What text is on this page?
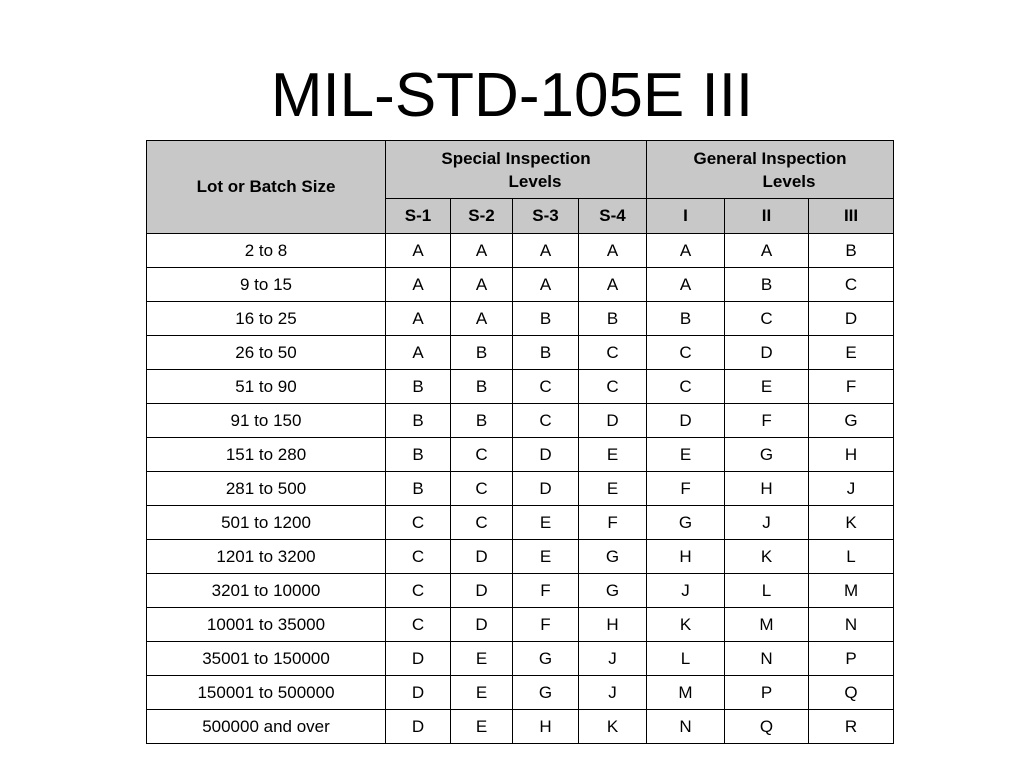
MIL-STD-105E III
Lot or Batch Size	Special Inspection
Levels				General Inspection
Levels		

	S-1	S-2	S-3	S-4	I	II	III
2 to 8	A	A	A	A	A	A	B
9 to 15	A	A	A	A	A	B	C
16 to 25	A	A	B	B	B	C	D
26 to 50	A	B	B	C	C	D	E
51 to 90	B	B	C	C	C	E	F
91 to 150	B	B	C	D	D	F	G
151 to 280	B	C	D	E	E	G	H
281 to 500	B	C	D	E	F	H	J
501 to 1200	C	C	E	F	G	J	K
1201 to 3200	C	D	E	G	H	K	L
3201 to 10000	C	D	F	G	J	L	M
10001 to 35000	C	D	F	H	K	M	N
35001 to 150000	D	E	G	J	L	N	P
150001 to 500000	D	E	G	J	M	P	Q
500000 and over	D	E	H	K	N	Q	R
